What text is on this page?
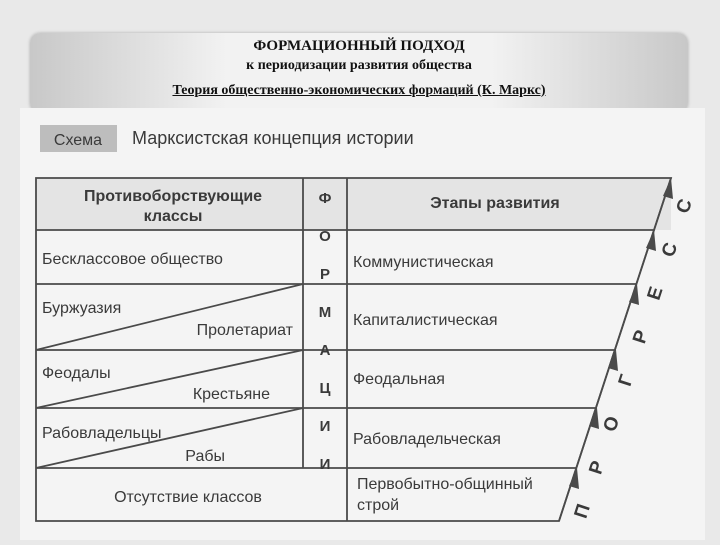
ФОРМАЦИОННЫЙ ПОДХОД
к периодизации развития общества
Теория общественно-экономических формаций (К. Маркс)
Схема Марксистская концепция истории
Противоборствующие
классы
Этапы развития
Ф
О
Р
М
А
Ц
И
И
Бесклассовое общество	Коммунистическая
Буржуазия
Пролетариат
Капиталистическая
Феодалы
Крестьяне
Феодальная
Рабовладельцы
Рабы
Рабовладельческая
Отсутствие классов
Первобытно-общинный
строй	П
Р
О
Г
Р
Е
С
С
